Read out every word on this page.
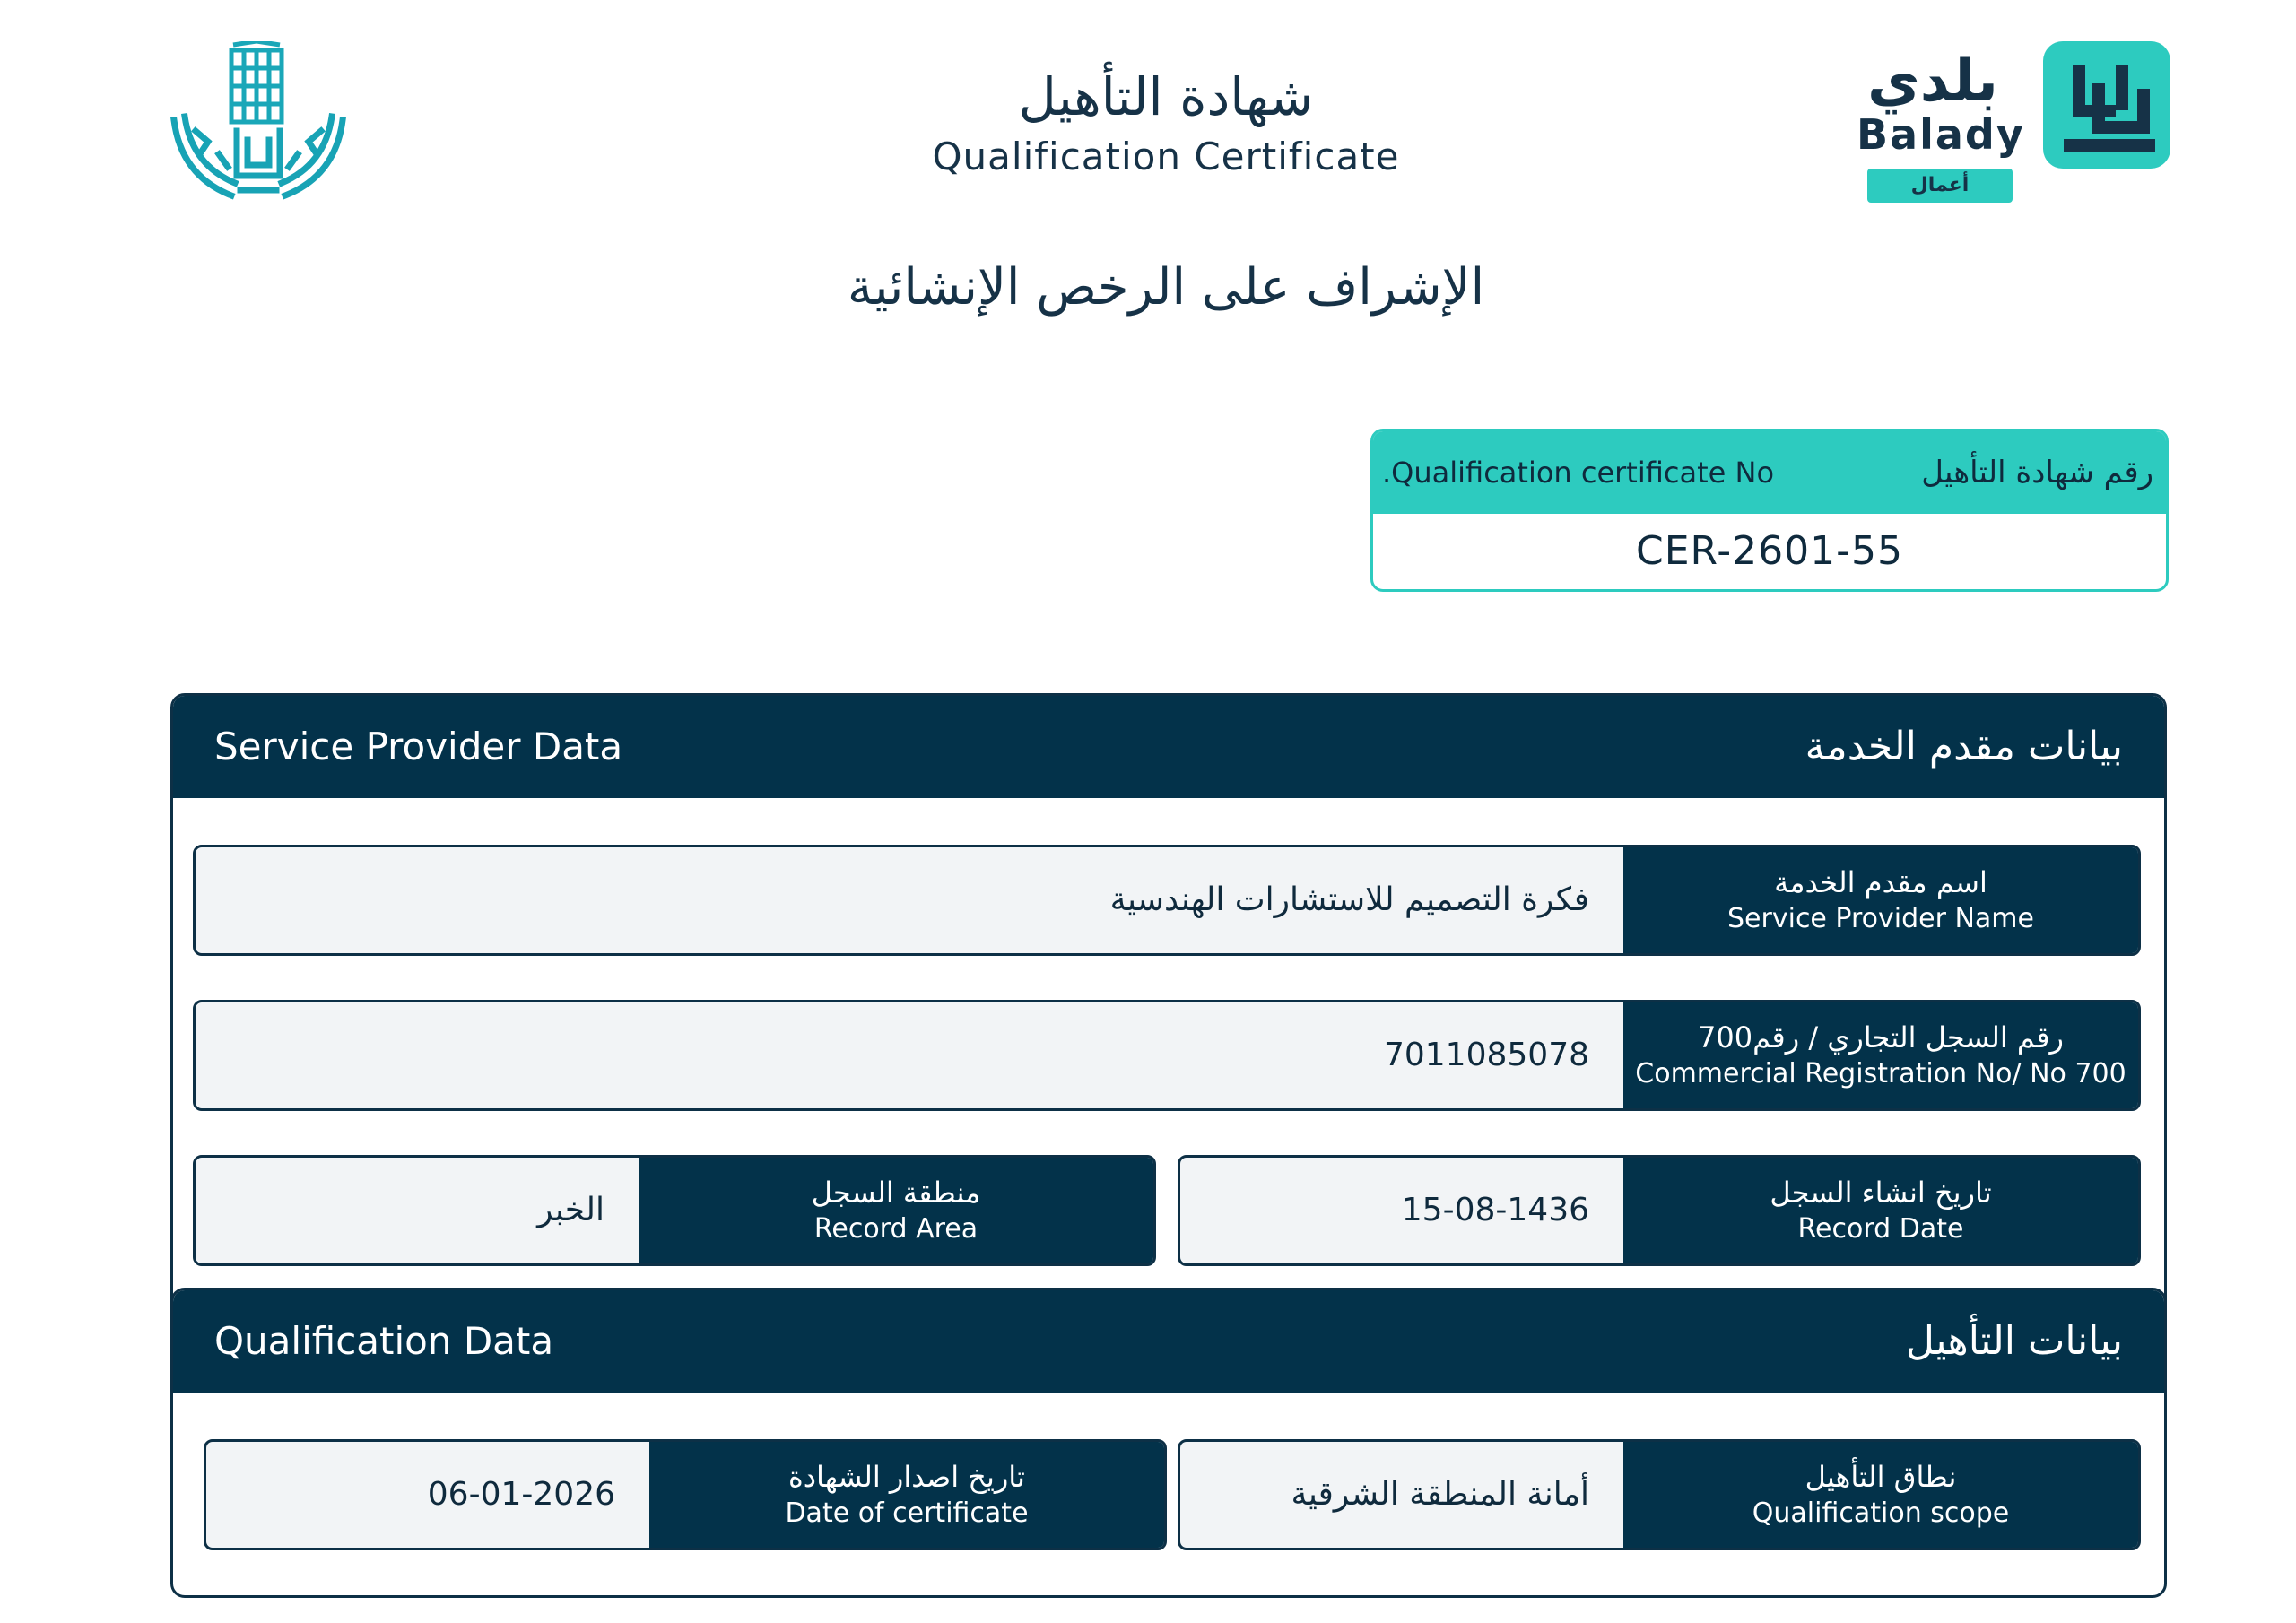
شهادة التأهيل
Qualification Certificate
الإشراف على الرخص الإنشائية
بلدي
Balady
أعمال
.Qualification certificate No	رقم شهادة التأهيل
CER-2601-55
Service Provider Data	بيانات مقدم الخدمة
فكرة التصميم للاستشارات الهندسية	اسم مقدم الخدمة
Service Provider Name
7011085078	رقم السجل التجاري / رقم700
Commercial Registration No/ No 700
15-08-1436	تاريخ انشاء السجل
Record Date
الخبر	منطقة السجل
Record Area
Qualification Data	بيانات التأهيل
أمانة المنطقة الشرقية	نطاق التأهيل
Qualification scope
06-01-2026	تاريخ اصدار الشهادة
Date of certificate
